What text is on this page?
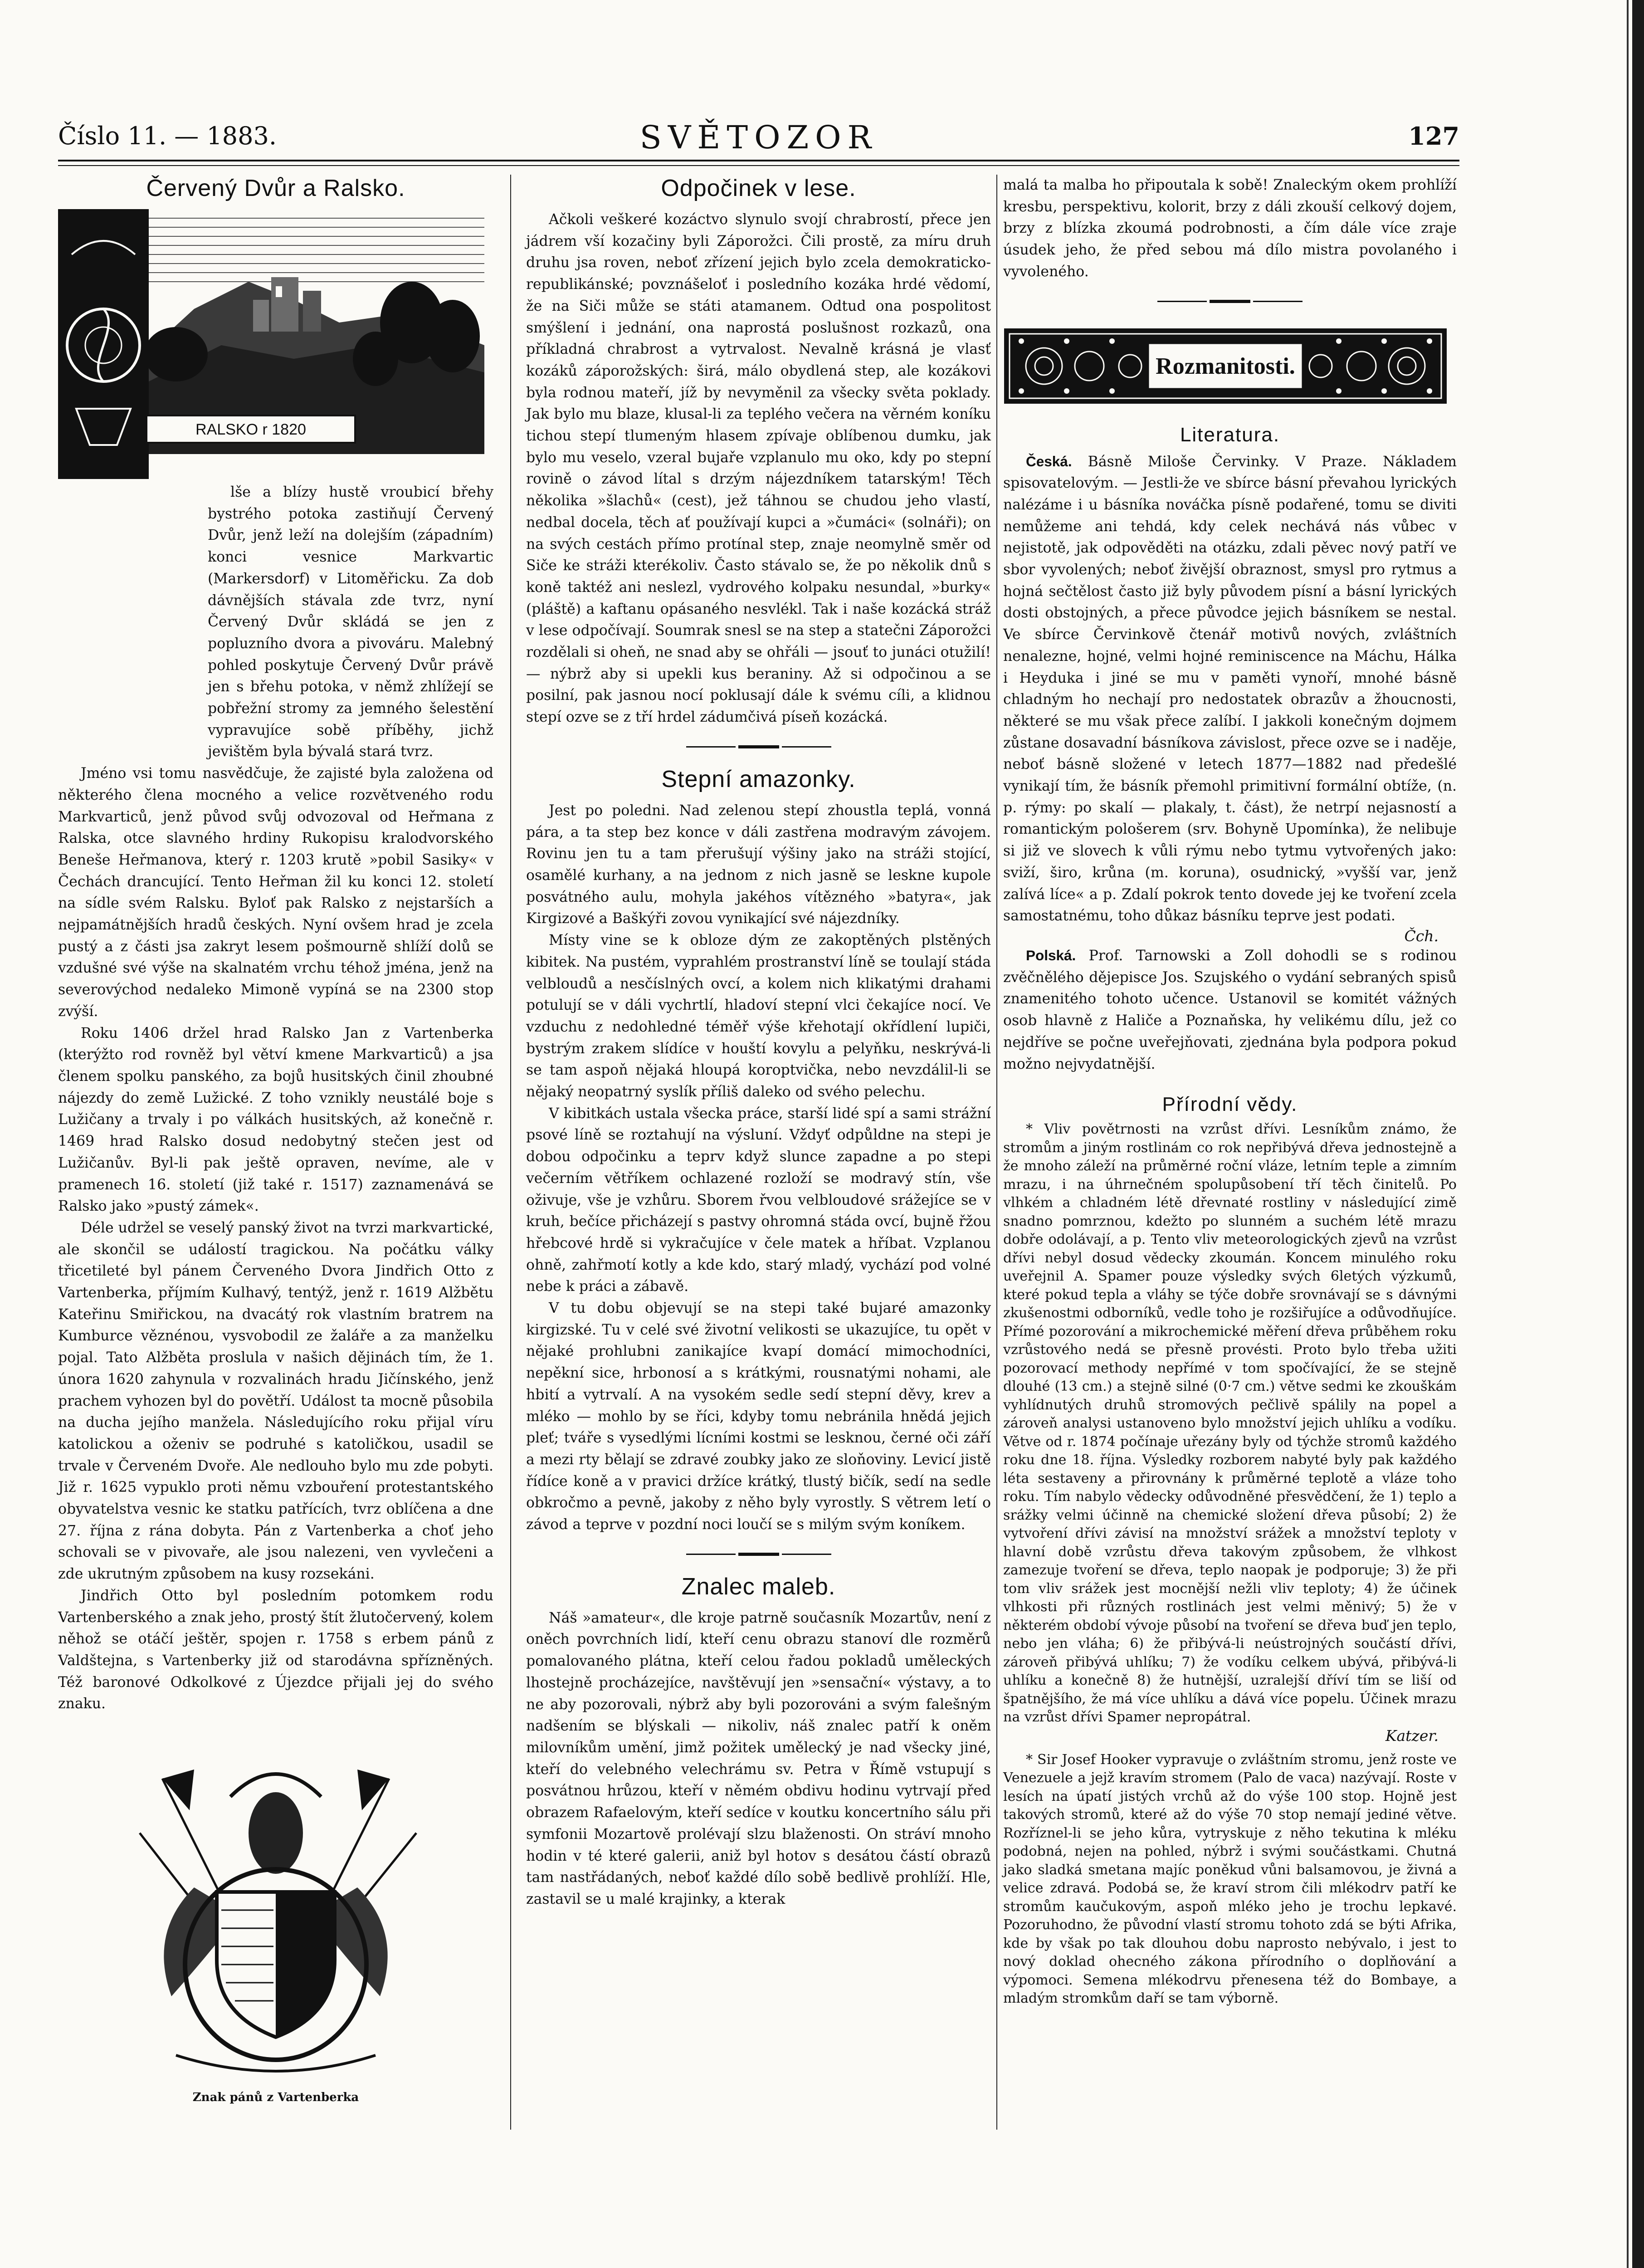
Číslo 11. — 1883.	SVĚTOZOR	127
Červený Dvůr a Ralsko.
RALSKO r 1820

lše a blízy hustě vroubicí břehy bystrého potoka zastiňují Červený Dvůr, jenž leží na dolejším (západním) konci vesnice Markvartic (Markersdorf) v Litoměřicku. Za dob dávnějších stávala zde tvrz, nyní Červený Dvůr skládá se jen z popluzního dvora a pivováru. Malebný pohled poskytuje Červený Dvůr právě jen s břehu potoka, v němž zhlížejí se pobřežní stromy za jemného šelestění vypravujíce sobě příběhy, jichž jevištěm byla bývalá stará tvrz.

Jméno vsi tomu nasvědčuje, že zajisté byla založena od některého člena mocného a velice rozvětveného rodu Markvarticů, jenž původ svůj odvozoval od Heřmana z Ralska, otce slavného hrdiny Rukopisu kralodvorského Beneše Heřmanova, který r. 1203 krutě »pobil Sasiky« v Čechách drancující. Tento Heřman žil ku konci 12. století na sídle svém Ralsku. Bylo‍ť pak Ralsko z nejstarších a nejpamátnějších hradů českých. Nyní ovšem hrad je zcela pustý a z části jsa zakryt lesem pošmourně shlíží dolů se vzdušné své výše na skalnatém vrchu téhož jména, jenž na severovýchod nedaleko Mimoně vypíná se na 2300 stop zvýší.

Roku 1406 držel hrad Ralsko Jan z Vartenberka (kterýžto rod rovněž byl větví kmene Markvarticů) a jsa členem spolku panského, za bojů husitských činil zhoubné nájezdy do země Lužické. Z toho vznikly neustálé boje s Lužičany a trvaly i po válkách husitských, až konečně r. 1469 hrad Ralsko dosud nedobytný stečen jest od Lužičanův. Byl-li pak ještě opraven, nevíme, ale v pramenech 16. století (již také r. 1517) zaznamenává se Ralsko jako »pustý zámek«.

Déle udržel se veselý panský život na tvrzi markvartické, ale skončil se událostí tragickou. Na počátku války třicetileté byl pánem Červeného Dvora Jindřich Otto z Vartenberka, příjmím Kulhavý, tentýž, jenž r. 1619 Alžbětu Kateřinu Smiřickou, na dvacátý rok vlastním bratrem na Kumburce věznénou, vysvobodil ze žaláře a za manželku pojal. Tato Alžběta proslula v našich dějinách tím, že 1. února 1620 zahynula v rozvalinách hradu Jičínského, jenž prachem vyhozen byl do povětří. Událost ta mocně působila na ducha jejího manžela. Následujícího roku přijal víru katolickou a oženiv se podruhé s katoličkou, usadil se trvale v Červeném Dvoře. Ale nedlouho bylo mu zde pobyti. Již r. 1625 vypuklo proti němu vzbouření protestantského obyvatelstva vesnic ke statku patřících, tvrz oblíčena a dne 27. října z rána dobyta. Pán z Vartenberka a choť jeho schovali se v pivovaře, ale jsou nalezeni, ven vyvlečeni a zde ukrutným způsobem na kusy rozsekáni.

Jindřich Otto byl posledním potomkem rodu Vartenberského a znak jeho, prostý štít žlutočervený, kolem něhož se otáčí ještěr, spojen r. 1758 s erbem pánů z Valdštejna, s Vartenberky již od starodávna spřízněných. Též baronové Odkolkové z Újezdce přijali jej do svého znaku.

Znak pánů z Vartenberka
Odpočinek v lese.

Ačkoli veškeré kozáctvo slynulo svojí chrabrostí, přece jen jádrem vší kozačiny byli Záporožci. Čili prostě, za míru druh druhu jsa roven, neboť zřízení jejich bylo zcela demokraticko-republikánské; povznášelo‍ť i posledního kozáka hrdé vědomí, že na Siči může se státi atamanem. Odtud ona pospolitost smýšlení i jednání, ona naprostá poslušnost rozkazů, ona příkladná chrabrost a vytrvalost. Nevalně krásná je vlasť kozáků záporožských: širá, málo obydlená step, ale kozákovi byla rodnou mateří, jíž by nevyměnil za všecky světa poklady. Jak bylo mu blaze, klusal-li za teplého večera na věrném koníku tichou stepí tlumeným hlasem zpívaje oblíbenou dumku, jak bylo mu veselo, vzeral bujaře vzplanulo mu oko, kdy po stepní rovině o závod lítal s drzým nájezdníkem tatarským! Těch několika »šlachů« (cest), jež táhnou se chudou jeho vlastí, nedbal docela, těch ať používají kupci a »čumáci« (solnáři); on na svých cestách přímo protínal step, znaje neomylně směr od Siče ke stráži kterékoliv. Často stávalo se, že po několik dnů s koně taktéž ani neslezl, vydrového kolpaku nesundal, »burky« (pláště) a kaftanu opásaného nesvlékl. Tak i naše kozácká stráž v lese odpočívají. Soumrak snesl se na step a statečni Záporožci rozdělali si oheň, ne snad aby se ohřáli — jsou‍ť to junáci otužilí! — nýbrž aby si upekli kus beraniny. Až si odpočinou a se posilní, pak jasnou nocí poklusají dále k svému cíli, a klidnou stepí ozve se z tří hrdel zádumčivá píseň kozácká.

Stepní amazonky.

Jest po poledni. Nad zelenou stepí zhoustla teplá, vonná pára, a ta step bez konce v dáli zastřena modravým závojem. Rovinu jen tu a tam přerušují výšiny jako na stráži stojící, osamělé kurhany, a na jednom z nich jasně se leskne kupole posvátného aulu, mohyla jakéhos vítězného »batyra«, jak Kirgizové a Baškýři zovou vynikající své nájezdníky.

Místy vine se k obloze dým ze zakoptěných plstěných kibitek. Na pustém, vyprahlém prostranství líně se toulají stáda velbloudů a nesčíslných ovcí, a kolem nich klikatými drahami potulují se v dáli vychrtlí, hladoví stepní vlci čekajíce nocí. Ve vzduchu z nedohledné téměř výše křehotají okřídlení lupiči, bystrým zrakem slídíce v houští kovylu a pelyňku, neskrývá-li se tam aspoň nějaká hloupá koroptvička, nebo nevzdálil-li se nějaký neopatrný syslík příliš daleko od svého pelechu.

V kibitkách ustala všecka práce, starší lidé spí a sami strážní psové líně se roztahují na výsluní. Vždyť odpůldne na stepi je dobou odpočinku a teprv když slunce zapadne a po stepi večerním větříkem ochlazené rozloží se modravý stín, vše oživuje, vše je vzhůru. Sborem řvou velbloudové srážejíce se v kruh, bečíce přicházejí s pastvy ohromná stáda ovcí, bujně řžou hřebcové hrdě si vykračujíce v čele matek a hříbat. Vzplanou ohně, zahřmotí kotly a kde kdo, starý mladý, vychází pod volné nebe k práci a zábavě.

V tu dobu objevují se na stepi také bujaré amazonky kirgizské. Tu v celé své životní velikosti se ukazujíce, tu opět v nějaké prohlubni zanikajíce kvapí domácí mimochodníci, nepěkní sice, hrbonosí a s krátkými, rousnatými nohami, ale hbití a vytrvalí. A na vysokém sedle sedí stepní děvy, krev a mléko — mohlo by se říci, kdyby tomu nebránila hnědá jejich pleť; tváře s vysedlými lícními kostmi se lesknou, černé oči září a mezi rty bělají se zdravé zoubky jako ze sloňoviny. Levicí jistě řídíce koně a v pravici držíce krátký, tlustý bičík, sedí na sedle obkročmo a pevně, jakoby z něho byly vyrostly. S větrem letí o závod a teprve v pozdní noci loučí se s milým svým koníkem.

Znalec maleb.

Náš »amateur«, dle kroje patrně současník Mozartův, není z oněch povrchních lidí, kteří cenu obrazu stanoví dle rozměrů pomalovaného plátna, kteří celou řadou pokladů uměleckých lhostejně procházejíce, navštěvují jen »sensační« výstavy, a to ne aby pozorovali, nýbrž aby byli pozorováni a svým falešným nadšením se blýskali — nikoliv, náš znalec patří k oněm milovníkům umění, jimž požitek umělecký je nad všecky jiné, kteří do velebného velechrámu sv. Petra v Římě vstupují s posvátnou hrůzou, kteří v němém obdivu hodinu vytrvají před obrazem Rafaelovým, kteří sedíce v koutku koncertního sálu při symfonii Mozartově prolévají slzu blaženosti. On stráví mnoho hodin v té které galerii, aniž byl hotov s desátou částí obrazů tam nastřádaných, neboť každé dílo sobě bedlivě prohlíží. Hle, zastavil se u malé krajinky, a kterak

malá ta malba ho připoutala k sobě! Znaleckým okem prohlíží kresbu, perspektivu, kolorit, brzy z dáli zkouší celkový dojem, brzy z blízka zkoumá podrobnosti, a čím dále více zraje úsudek jeho, že před sebou má dílo mistra povolaného i vyvoleného.

Rozmanitosti.
Literatura.

Česká. Básně Miloše Červinky. V Praze. Nákladem spisovatelovým. — Jestli-že ve sbírce básní převahou lyrických nalézáme i u básníka nováčka písně podařené, tomu se diviti nemůžeme ani tehdá, kdy celek nechává nás vůbec v nejistotě, jak odpověděti na otázku, zdali pěvec nový patří ve sbor vyvolených; neboť živější obraznost, smysl pro rytmus a hojná sečtělost často již byly původem písní a básní lyrických dosti obstojných, a přece původce jejich básníkem se nestal. Ve sbírce Červinkově čtenář motivů nových, zvláštních nenalezne, hojné, velmi hojné reminiscence na Máchu, Hálka i Heyduka i jiné se mu v paměti vynoří, mnohé básně chladným ho nechají pro nedostatek obrazův a žhoucnosti, některé se mu však přece zalíbí. I jakkoli konečným dojmem zůstane dosavadní básníkova závislost, přece ozve se i naděje, neboť básně složené v letech 1877—1882 nad předešlé vynikají tím, že básník přemohl primitivní formální obtíže, (n. p. rýmy: po skalí — plakaly, t. část), že netrpí nejasností a romantickým pološerem (srv. Bohyně Upomínka), že nelibuje si již ve slovech k vůli rýmu nebo tytmu vytvořených jako: sviží, širo, krůna (m. koruna), osudnický, »vyšší var, jenž zalívá líce« a p. Zdalí pokrok tento dovede jej ke tvoření zcela samostatnému, toho důkaz básníku teprve jest podati.

Čch.

Polská. Prof. Tarnowski a Zoll dohodli se s rodinou zvěčnělého dějepisce Jos. Szujského o vydání sebraných spisů znamenitého tohoto učence. Ustanovil se komitét vážných osob hlavně z Haliče a Poznaňska, hy velikému dílu, jež co nejdříve se počne uveřejňovati, zjednána byla podpora pokud možno nejvydatnější.

Přírodní vědy.

* Vliv povětrnosti na vzrůst dřívi. Lesníkům známo, že stromům a jiným rostlinám co rok nepřibývá dřeva jednostejně a že mnoho záleží na průměrné roční vláze, letním teple a zimním mrazu, i na úhrnečném spolupůsobení tří těch činitelů. Po vlhkém a chladném létě dřevnaté rostliny v následující zimě snadno pomrznou, kdežto po slunném a suchém létě mrazu dobře odolávají, a p. Tento vliv meteorologických zjevů na vzrůst dřívi nebyl dosud vědecky zkoumán. Koncem minulého roku uveřejnil A. Spamer pouze výsledky svých 6letých výzkumů, které pokud tepla a vláhy se týče dobře srovnávají se s dávnými zkušenostmi odborníků, vedle toho je rozšiřujíce a odůvodňujíce. Přímé pozorování a mikrochemické měření dřeva průběhem roku vzrůstového nedá se přesně provésti. Proto bylo třeba užiti pozorovací methody nepřímé v tom spočívající, že se stejně dlouhé (13 cm.) a stejně silné (0·7 cm.) větve sedmi ke zkouškám vyhlídnutých druhů stromových pečlivě spálily na popel a zároveň analysi ustanoveno bylo množství jejich uhlíku a vodíku. Větve od r. 1874 počínaje uřezány byly od týchže stromů každého roku dne 18. října. Výsledky rozborem nabyté byly pak každého léta sestaveny a přirovnány k průměrné teplotě a vláze toho roku. Tím nabylo vědecky odůvodněné přesvědčení, že 1) teplo a srážky velmi účinně na chemické složení dřeva působí; 2) že vytvoření dřívi závisí na množství srážek a množství teploty v hlavní době vzrůstu dřeva takovým způsobem, že vlhkost zamezuje tvoření se dřeva, teplo naopak je podporuje; 3) že při tom vliv srážek jest mocnější nežli vliv teploty; 4) že účinek vlhkosti při různých rostlinách jest velmi měnivý; 5) že v některém období vývoje působí na tvoření se dřeva buď jen teplo, nebo jen vláha; 6) že přibývá-li neústrojných součástí dřívi, zároveň přibývá uhlíku; 7) že vodíku celkem ubývá, přibývá-li uhlíku a konečně 8) že hutnější, uzralejší dříví tím se liší od špatnějšího, že má více uhlíku a dává více popelu. Účinek mrazu na vzrůst dřívi Spamer nepropátral.

Katzer.

* Sir Josef Hooker vypravuje o zvláštním stromu, jenž roste ve Venezuele a jejž kravím stromem (Palo de vaca) nazývají. Roste v lesích na úpatí jistých vrchů až do výše 100 stop. Hojně jest takových stromů, které až do výše 70 stop nemají jediné větve. Rozříznel-li se jeho kůra, vytryskuje z něho tekutina k mléku podobná, nejen na pohled, nýbrž i svými součástkami. Chutná jako sladká smetana majíc poněkud vůni balsamovou, je živná a velice zdravá. Podobá se, že kraví strom čili mlékodrv patří ke stromům kaučukovým, aspoň mléko jeho je trochu lepkavé. Pozoruhodno, že původní vlastí stromu tohoto zdá se býti Afrika, kde by však po tak dlouhou dobu naprosto nebývalo, i jest to nový doklad ohecného zákona přírodního o doplňování a výpomoci. Semena mlékodrvu přenesena též do Bombaye, a mladým stromkům daří se tam výborně.
